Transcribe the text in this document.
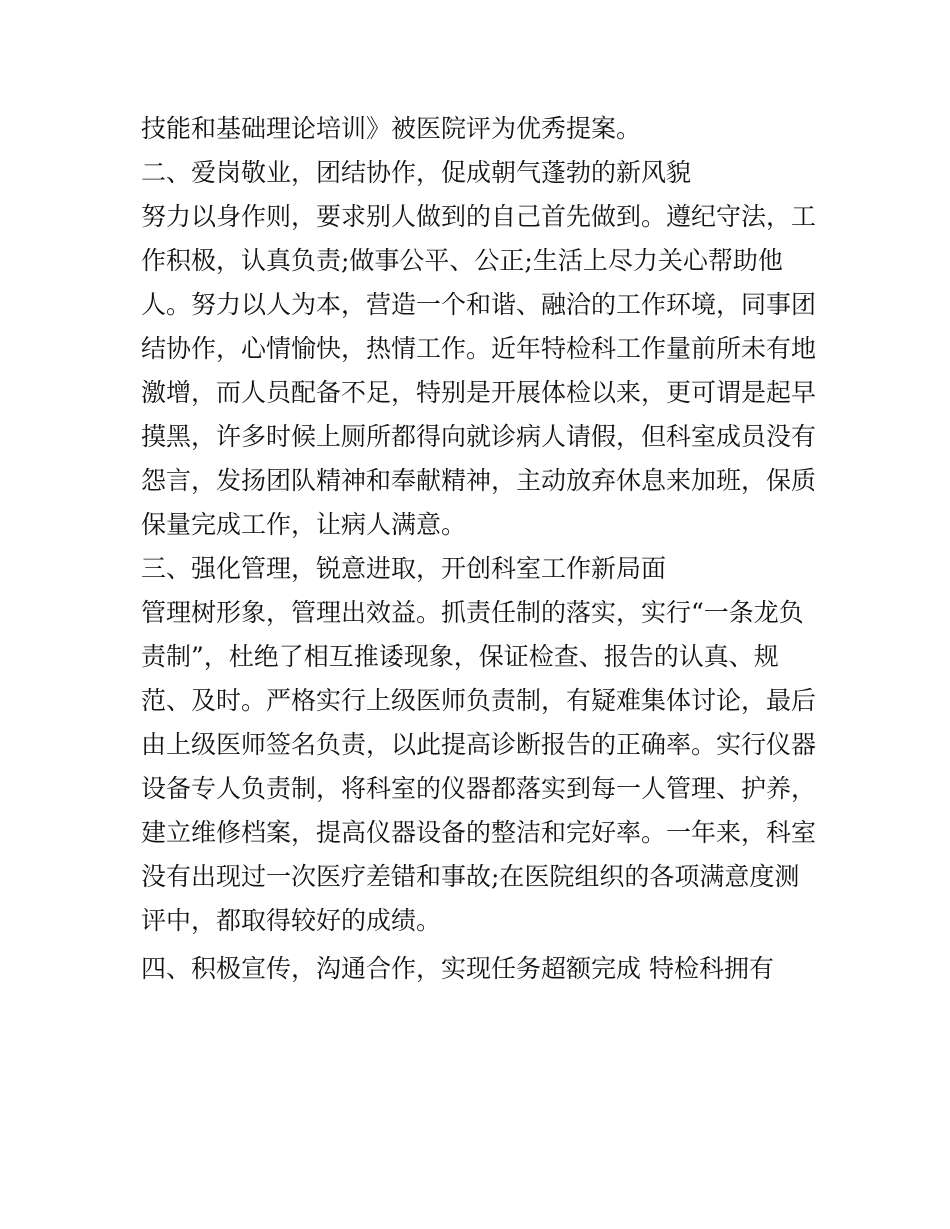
技能和基础理论培训》被医院评为优秀提案。

二、爱岗敬业，团结协作，促成朝气蓬勃的新风貌

努力以身作则，要求别人做到的自己首先做到。遵纪守法，工

作积极，认真负责;做事公平、公正;生活上尽力关心帮助他

人。努力以人为本，营造一个和谐、融洽的工作环境，同事团

结协作，心情愉快，热情工作。近年特检科工作量前所未有地

激增，而人员配备不足，特别是开展体检以来，更可谓是起早

摸黑，许多时候上厕所都得向就诊病人请假，但科室成员没有

怨言，发扬团队精神和奉献精神，主动放弃休息来加班，保质

保量完成工作，让病人满意。

三、强化管理，锐意进取，开创科室工作新局面

管理树形象，管理出效益。抓责任制的落实，实行“一条龙负

责制”，杜绝了相互推诿现象，保证检查、报告的认真、规

范、及时。严格实行上级医师负责制，有疑难集体讨论，最后

由上级医师签名负责，以此提高诊断报告的正确率。实行仪器

设备专人负责制，将科室的仪器都落实到每一人管理、护养，

建立维修档案，提高仪器设备的整洁和完好率。一年来，科室

没有出现过一次医疗差错和事故;在医院组织的各项满意度测

评中，都取得较好的成绩。

四、积极宣传，沟通合作，实现任务超额完成 特检科拥有
